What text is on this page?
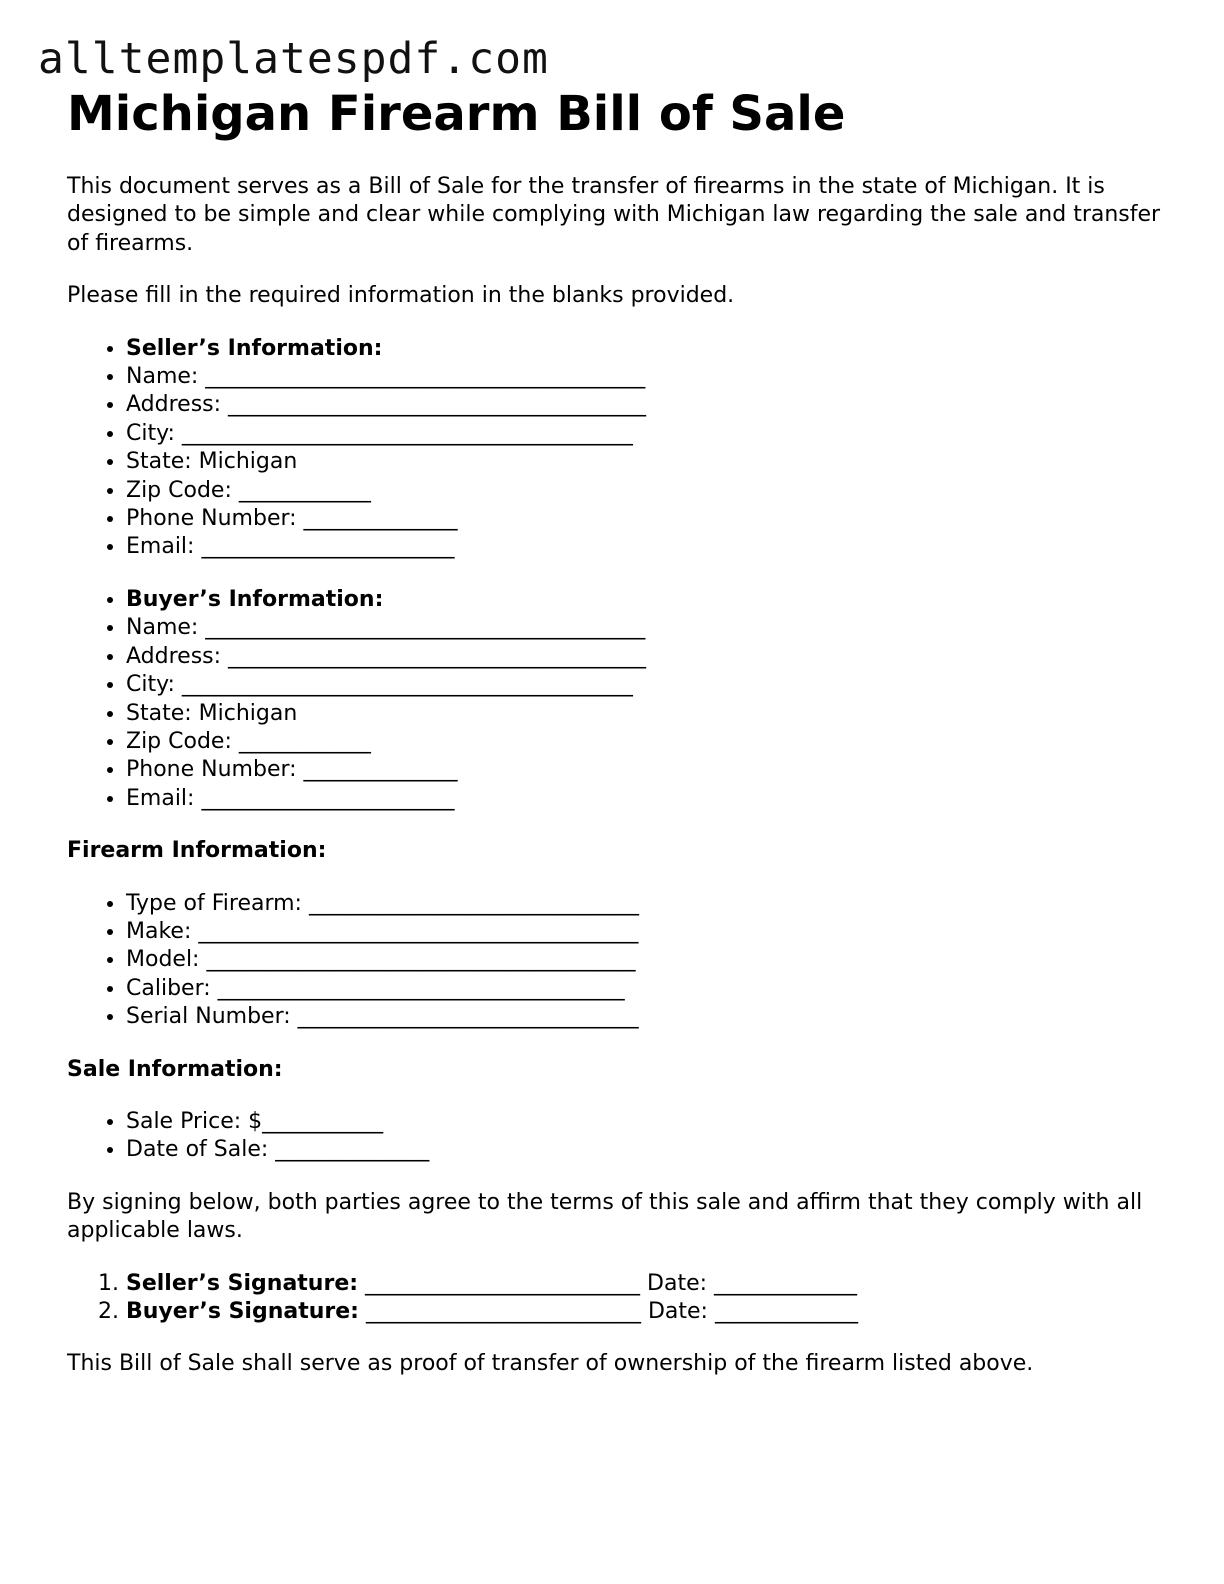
alltemplatespdf.com
Michigan Firearm Bill of Sale

This document serves as a Bill of Sale for the transfer of firearms in the state of Michigan. It is designed to be simple and clear while complying with Michigan law regarding the sale and transfer of firearms.

Please fill in the required information in the blanks provided.

• Seller’s Information:
• Name: ________________________________________
• Address: ______________________________________
• City: _________________________________________
• State: Michigan
• Zip Code: ____________
• Phone Number: ______________
• Email: _______________________
• Buyer’s Information:
• Name: ________________________________________
• Address: ______________________________________
• City: _________________________________________
• State: Michigan
• Zip Code: ____________
• Phone Number: ______________
• Email: _______________________
Firearm Information:
• Type of Firearm: ______________________________
• Make: ________________________________________
• Model: _______________________________________
• Caliber: _____________________________________
• Serial Number: _______________________________
Sale Information:
• Sale Price: $___________
• Date of Sale: ______________

By signing below, both parties agree to the terms of this sale and affirm that they comply with all applicable laws.

1. Seller’s Signature: _________________________ Date: _____________
2. Buyer’s Signature: _________________________ Date: _____________

This Bill of Sale shall serve as proof of transfer of ownership of the firearm listed above.
